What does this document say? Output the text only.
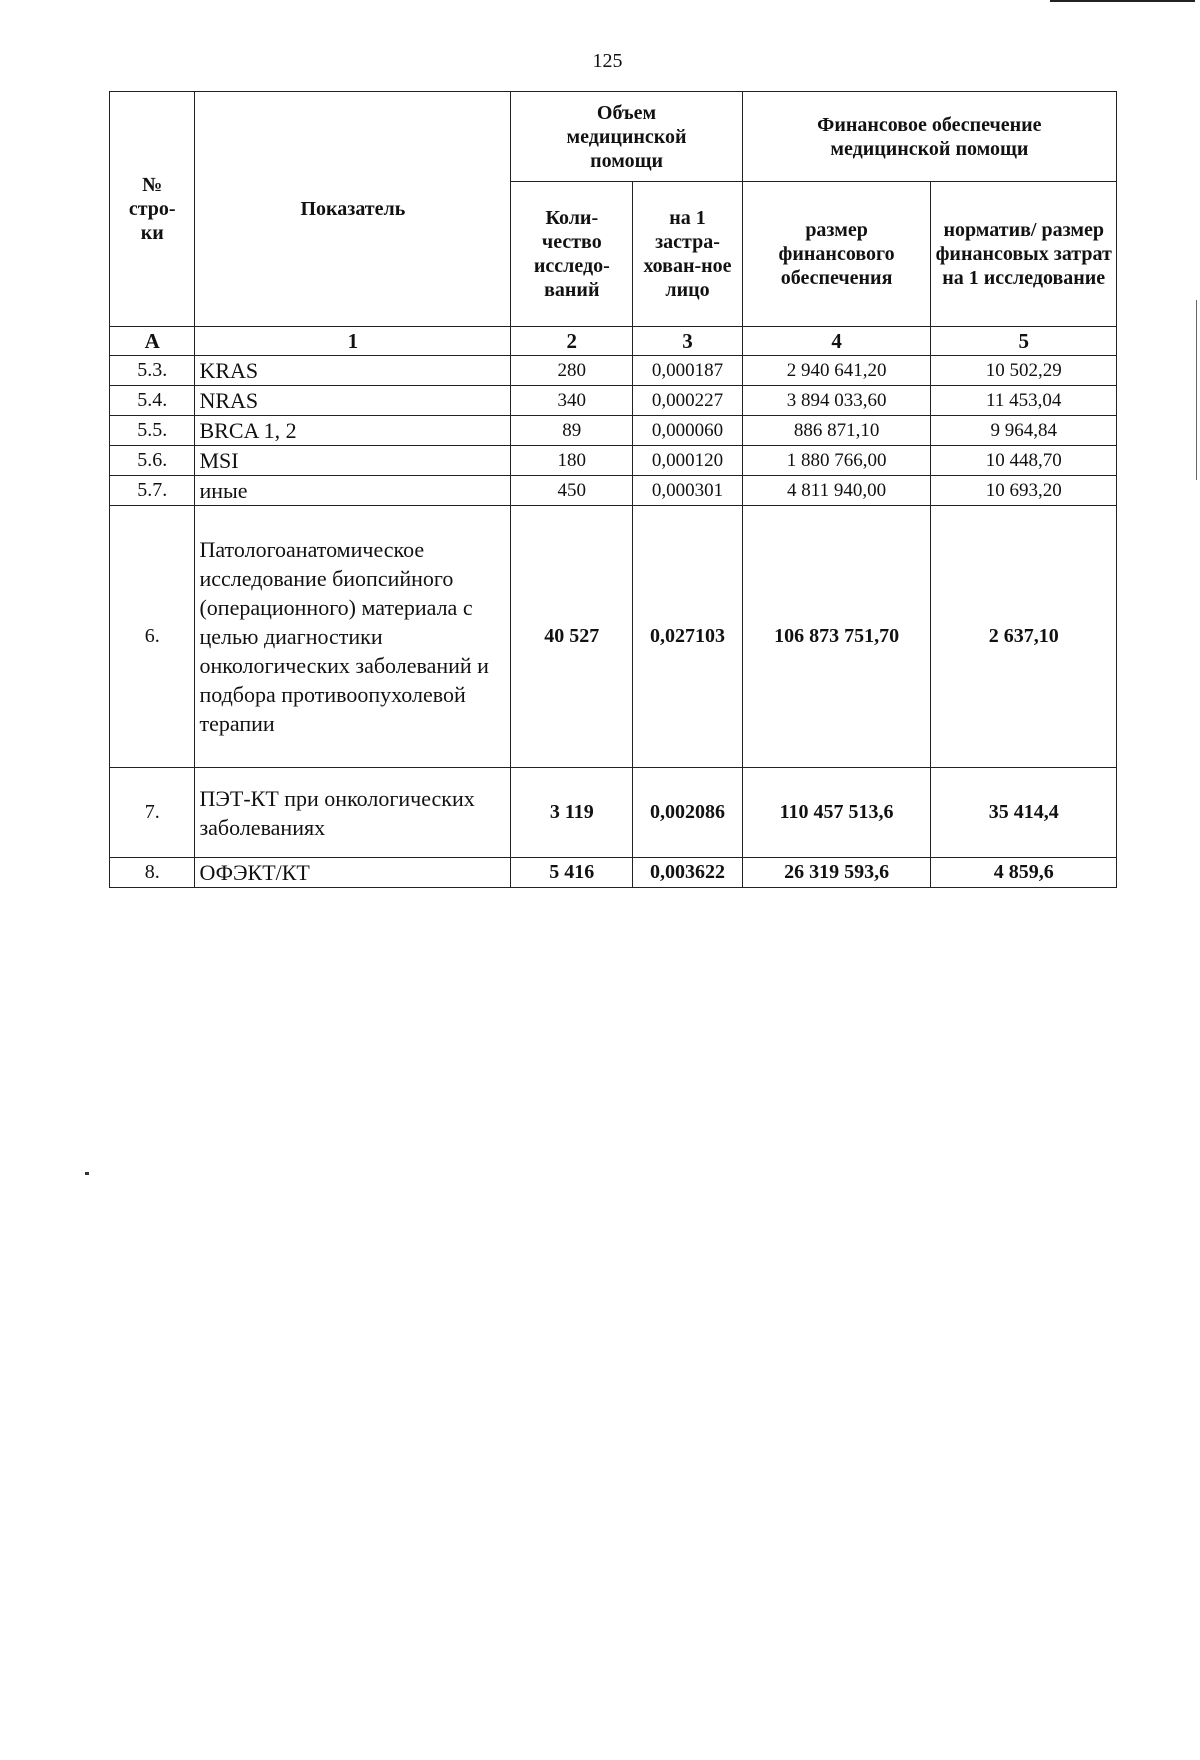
125
№ стро-ки	Показатель	Объем медицинской помощи		Финансовое обеспечение медицинской помощи	
		Коли-чество исследо-ваний	на 1 застра-хован-ное лицо	размер финансового обеспечения	норматив/ размер финансовых затрат на 1 исследование
А	1	2	3	4	5
5.3.	KRAS	280	0,000187	2 940 641,20	10 502,29
5.4.	NRAS	340	0,000227	3 894 033,60	11 453,04
5.5.	BRCA 1, 2	89	0,000060	886 871,10	9 964,84
5.6.	MSI	180	0,000120	1 880 766,00	10 448,70
5.7.	иные	450	0,000301	4 811 940,00	10 693,20
6.	Патологоанатомическое исследование биопсийного (операционного) материала с целью диагностики онкологических заболеваний и подбора противоопухолевой терапии	40 527	0,027103	106 873 751,70	2 637,10
7.	ПЭТ-КТ при онкологических заболеваниях	3 119	0,002086	110 457 513,6	35 414,4
8.	ОФЭКТ/КТ	5 416	0,003622	26 319 593,6	4 859,6
